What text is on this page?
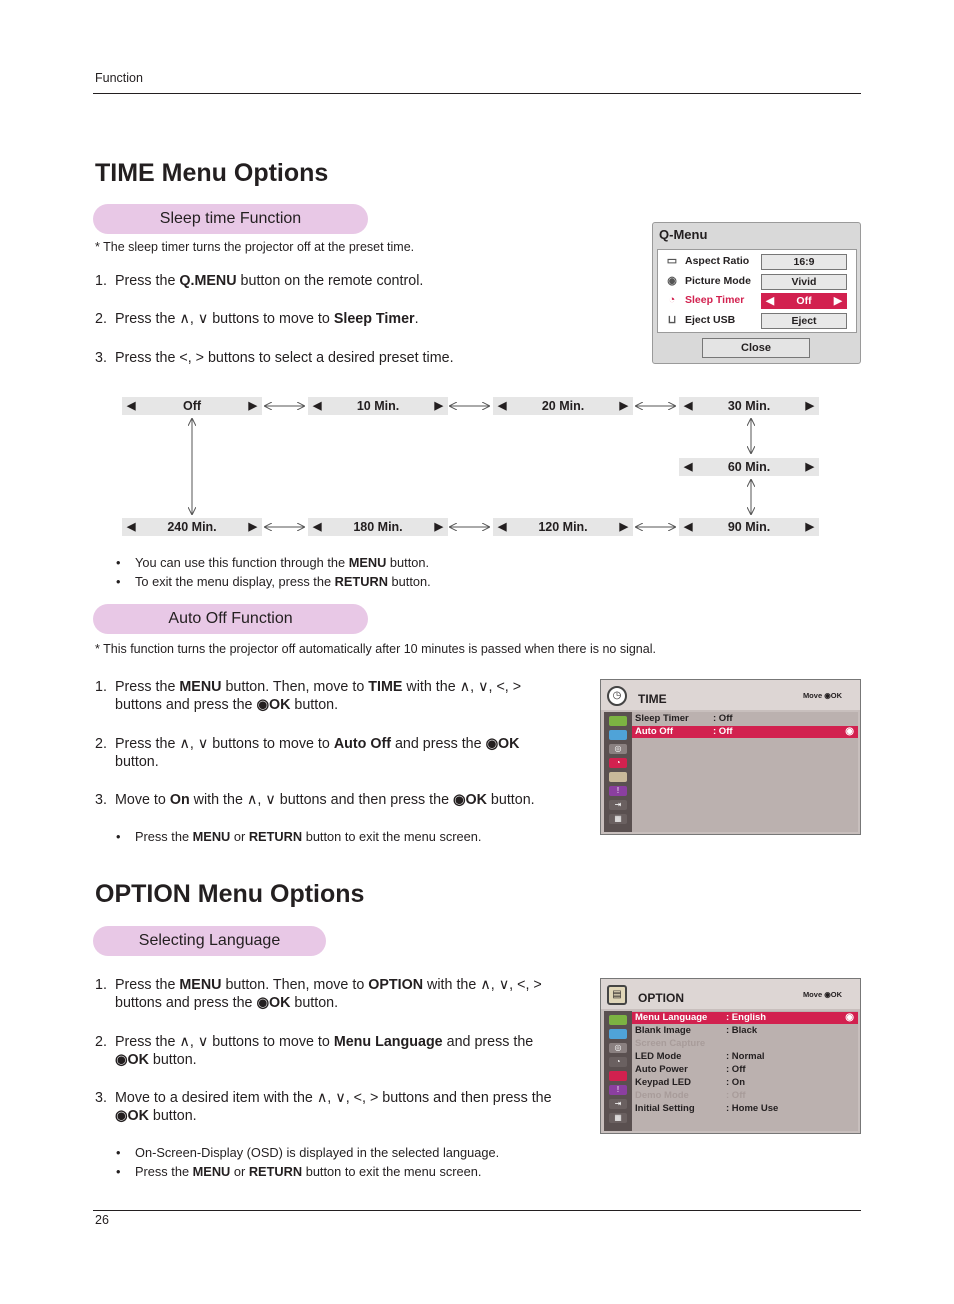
Function
TIME Menu Options
Sleep time Function
* The sleep timer turns the projector off at the preset time.
1. Press the Q.MENU button on the remote control.
2. Press the ∧, ∨ buttons to move to Sleep Timer.
3. Press the <, > buttons to select a desired preset time.
Q-Menu
▭ Aspect Ratio	16:9
◉ Picture Mode	Vivid
◔ Sleep Timer ◀ Off ▶
⊔ Eject USB	Eject
Close
◀	Off	▶	◀	10 Min.	▶	◀	20 Min.	▶	◀	30 Min.	▶
◀	60 Min.	▶
◀	90 Min.	▶
◀	120 Min.	▶
◀	180 Min.	▶
◀	240 Min.	▶
• You can use this function through the MENU button.
• To exit the menu display, press the RETURN button.
Auto Off Function
* This function turns the projector off automatically after 10 minutes is passed when there is no signal.
1. Press the MENU button. Then, move to TIME with the ∧, ∨, <, >
buttons and press the ◉OK button.
2. Press the ∧, ∨ buttons to move to Auto Off and press the ◉OK
button.
3. Move to On with the ∧, ∨ buttons and then press the ◉OK button.
• Press the MENU or RETURN button to exit the menu screen.
◷	TIME	Move ◉OK
◎
◔
!
⇥
▦
Sleep Timer	: Off
Auto Off	: Off	◉
OPTION Menu Options
Selecting Language
1. Press the MENU button. Then, move to OPTION with the ∧, ∨, <, >
buttons and press the ◉OK button.
2. Press the ∧, ∨ buttons to move to Menu Language and press the
◉OK button.
3. Move to a desired item with the ∧, ∨, <, > buttons and then press the
◉OK button.
• On-Screen-Display (OSD) is displayed in the selected language.
• Press the MENU or RETURN button to exit the menu screen.
▤	OPTION	Move ◉OK
◎
◔
!
⇥
▦
Menu Language : English	◉
Blank Image	: Black
Screen Capture
LED Mode	: Normal
Auto Power	: Off
Keypad LED	: On
Demo Mode	: Off
Initial Setting	: Home Use
26
